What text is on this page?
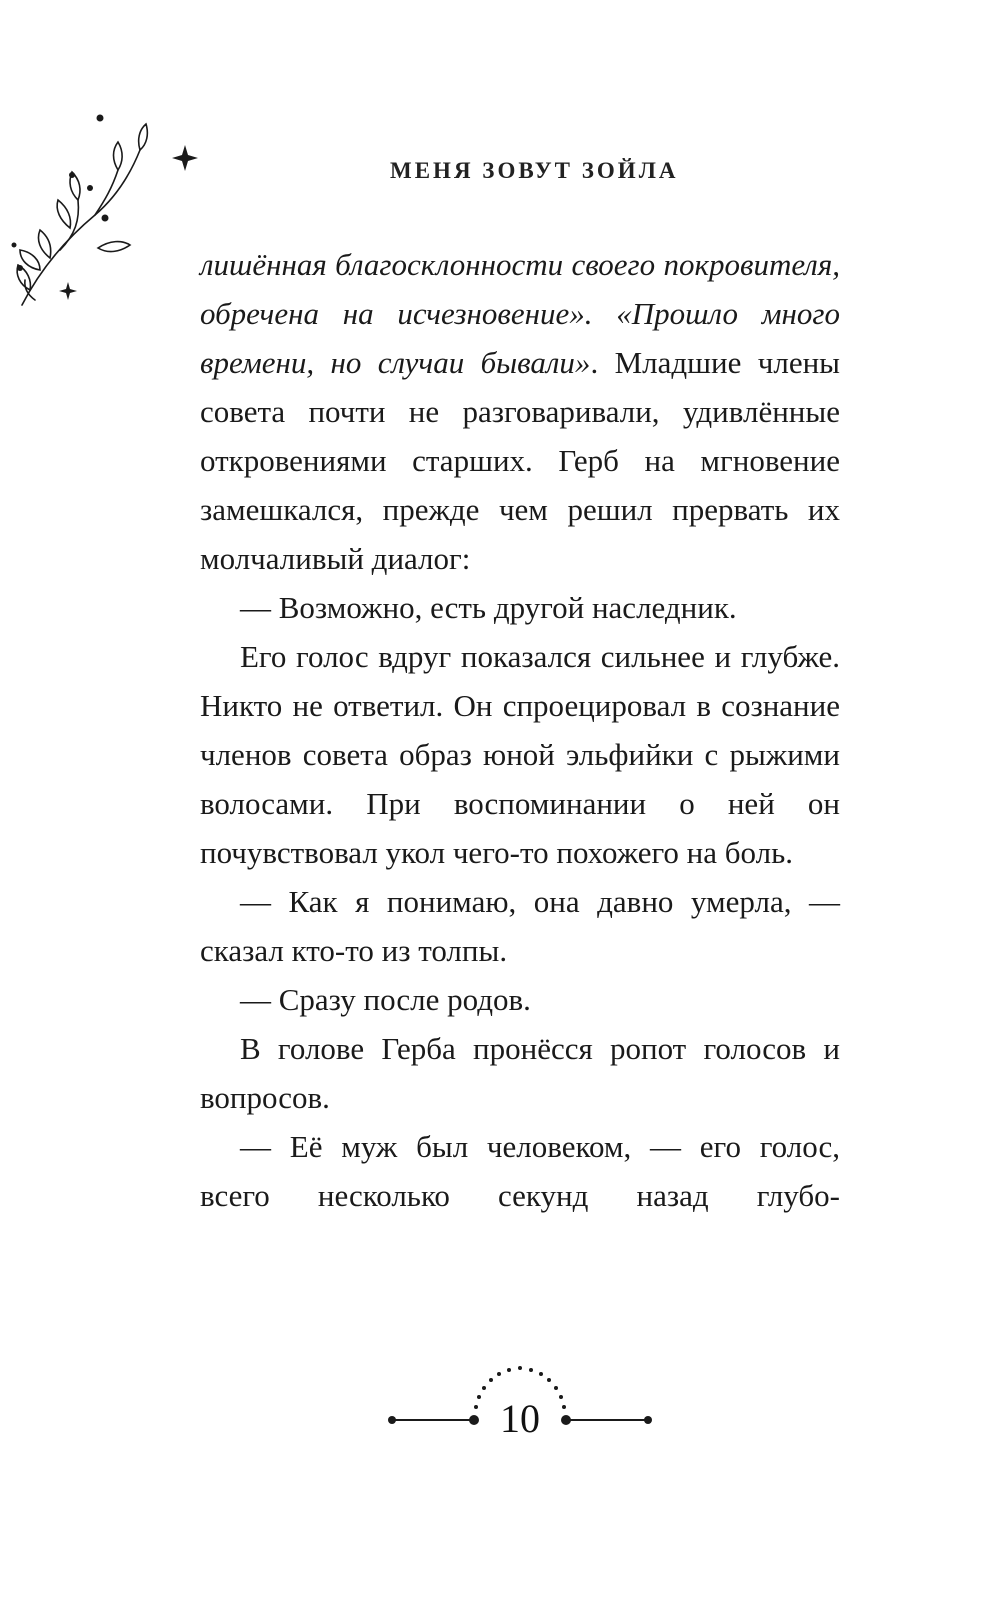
МЕНЯ ЗОВУТ ЗОЙЛА

лишённая благосклонности своего покровителя, обречена на исчезновение». «Прошло много времени, но случаи бывали». Младшие члены совета почти не разговаривали, удивлённые откровениями старших. Герб на мгновение замешкался, прежде чем решил прервать их молчаливый диалог:

— Возможно, есть другой наследник.

Его голос вдруг показался сильнее и глубже. Никто не ответил. Он спроецировал в сознание членов совета образ юной эльфийки с рыжими волосами. При воспоминании о ней он почувствовал укол чего-то похожего на боль.

— Как я понимаю, она давно умерла, — сказал кто-то из толпы.

— Сразу после родов.

В голове Герба пронёсся ропот голосов и вопросов.

— Её муж был человеком, — его голос, всего несколько секунд назад глубо-

10
